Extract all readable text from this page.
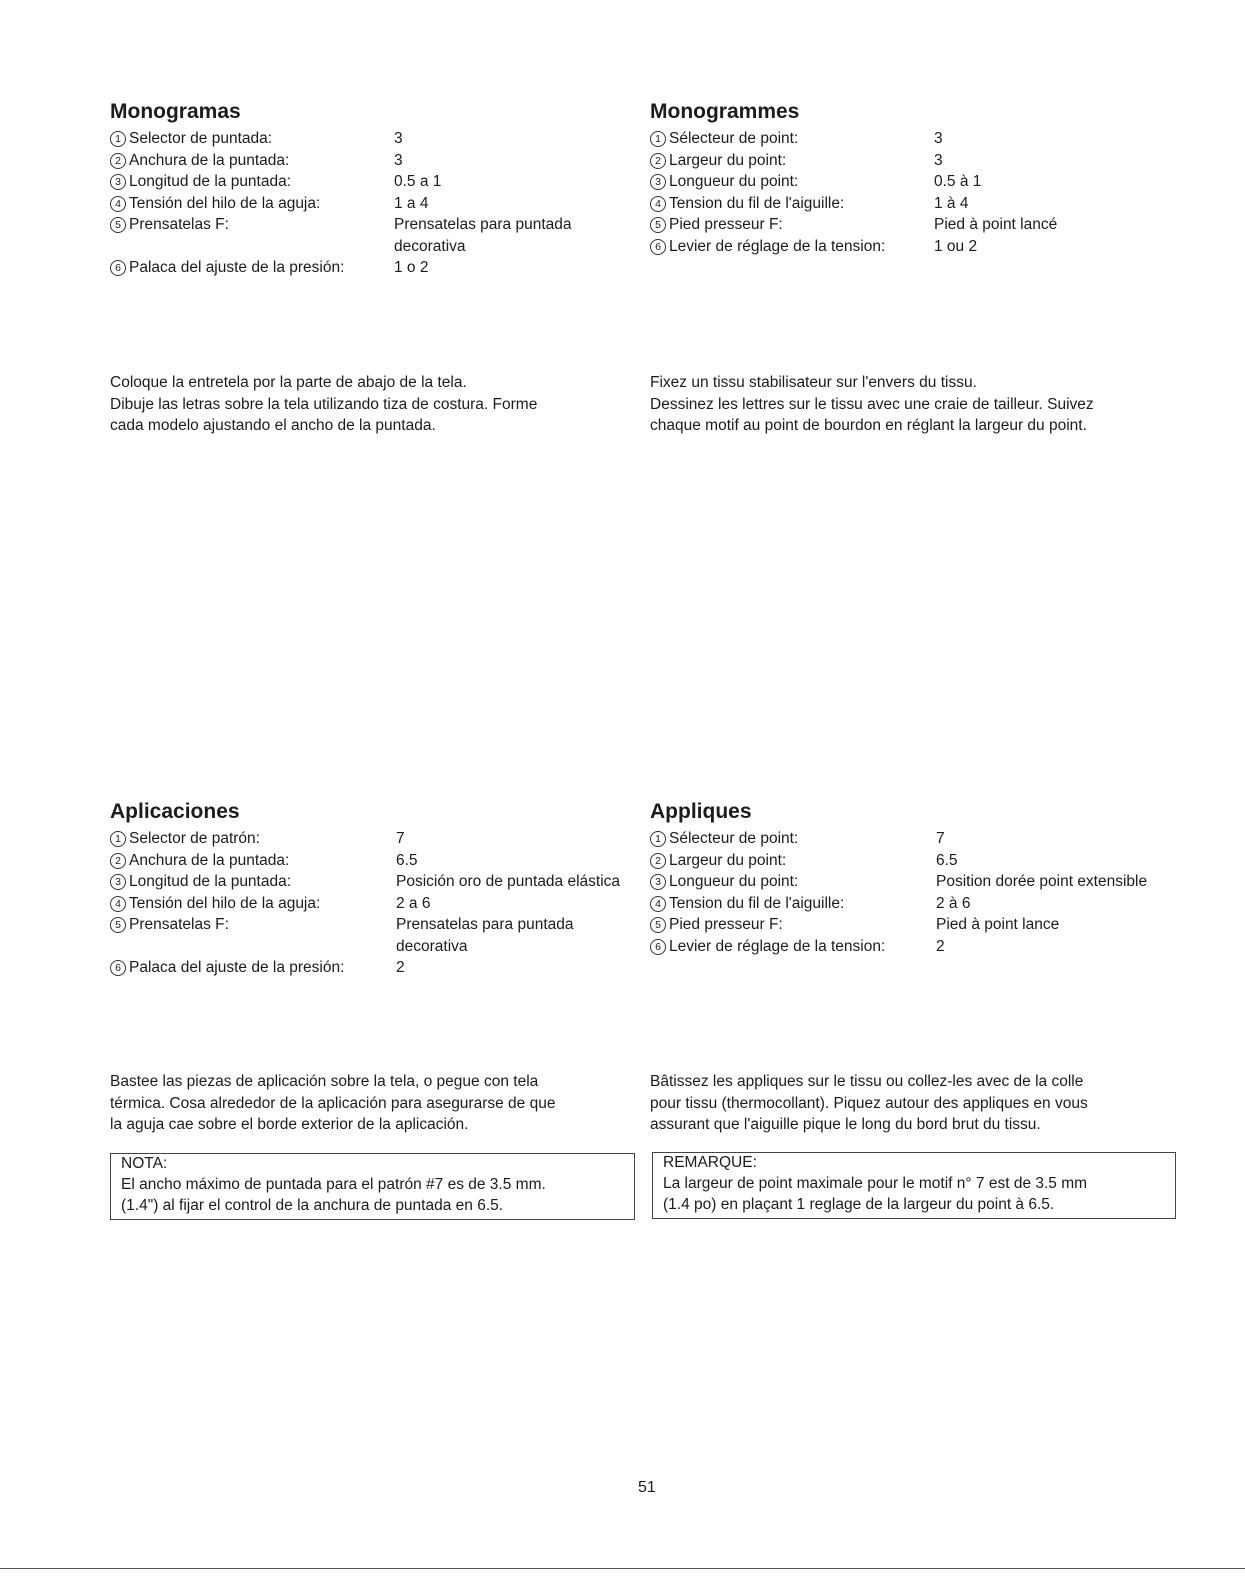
Monogramas
1 Selector de puntada:	3
2 Anchura de la puntada:	3
3 Longitud de la puntada:	0.5 a 1
4 Tensión del hilo de la aguja:	1 a 4
5 Prensatelas F:	Prensatelas para puntada decorativa
6 Palaca del ajuste de la presión:	1 o 2
Monogrammes
1 Sélecteur de point:	3
2 Largeur du point:	3
3 Longueur du point:	0.5 à 1
4 Tension du fil de l'aiguille:	1 à 4
5 Pied presseur F:	Pied à point lancé
6 Levier de réglage de la tension:	1 ou 2
Coloque la entretela por la parte de abajo de la tela.
Dibuje las letras sobre la tela utilizando tiza de costura. Forme
cada modelo ajustando el ancho de la puntada.
Fixez un tissu stabilisateur sur l'envers du tissu.
Dessinez les lettres sur le tissu avec une craie de tailleur. Suivez
chaque motif au point de bourdon en réglant la largeur du point.
Aplicaciones
1 Selector de patrón:	7
2 Anchura de la puntada:	6.5
3 Longitud de la puntada:	Posición oro de puntada elástica
4 Tensión del hilo de la aguja:	2 a 6
5 Prensatelas F:	Prensatelas para puntada decorativa
6 Palaca del ajuste de la presión:	2
Appliques
1 Sélecteur de point:	7
2 Largeur du point:	6.5
3 Longueur du point:	Position dorée point extensible
4 Tension du fil de l'aiguille:	2 à 6
5 Pied presseur F:	Pied à point lance
6 Levier de réglage de la tension:	2
Bastee las piezas de aplicación sobre la tela, o pegue con tela
térmica. Cosa alrededor de la aplicación para asegurarse de que
la aguja cae sobre el borde exterior de la aplicación.
Bâtissez les appliques sur le tissu ou collez-les avec de la colle
pour tissu (thermocollant). Piquez autour des appliques en vous
assurant que l'aiguille pique le long du bord brut du tissu.
NOTA:
El ancho máximo de puntada para el patrón #7 es de 3.5 mm.
(1.4") al fijar el control de la anchura de puntada en 6.5.
REMARQUE:
La largeur de point maximale pour le motif n° 7 est de 3.5 mm
(1.4 po) en plaçant 1 reglage de la largeur du point à 6.5.
51
